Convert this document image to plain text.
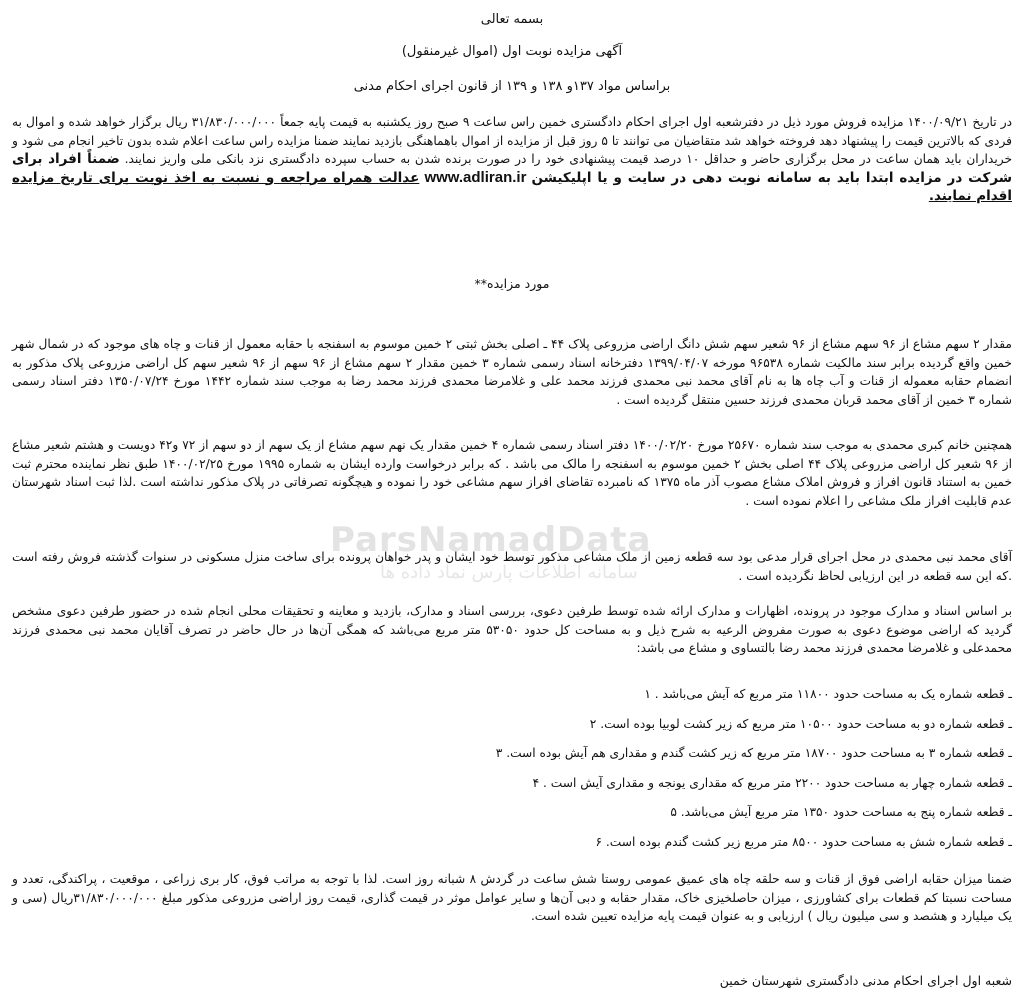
ParsNamadData
سامانه اطلاعات پارس نماد داده ها
بسمه تعالی
آگهی مزایده نوبت اول (اموال غیرمنقول)
براساس مواد ۱۳۷و ۱۳۸ و ۱۳۹ از قانون اجرای احکام مدنی
در تاریخ ۱۴۰۰/۰۹/۲۱ مزایده فروش مورد ذیل در دفترشعبه اول اجرای احکام دادگستری خمین راس ساعت ۹ صبح روز یکشنبه به قیمت پایه جمعاً ۳۱/۸۳۰/۰۰۰/۰۰۰ ریال برگزار خواهد شده و اموال به فردی که بالاترین قیمت را پیشنهاد دهد فروخته خواهد شد متقاضیان می توانند تا ۵ روز قبل از مزایده از اموال باهماهنگی بازدید نمایند ضمنا مزایده راس ساعت اعلام شده بدون تاخیر انجام می شود و خریداران باید همان ساعت در محل برگزاری حاضر و حداقل ۱۰ درصد قیمت پیشنهادی خود را در صورت برنده شدن به حساب سپرده دادگستری نزد بانکی ملی واریز نمایند. ضمناً افراد برای شرکت در مزایده ابتدا باید به سامانه نوبت دهی در سایت و یا اپلیکیشن www.adliran.ir عدالت همراه مراجعه و نسبت به اخذ نوبت برای تاریخ مزایده اقدام نمایند.
مورد مزایده**
مقدار ۲ سهم مشاع از ۹۶ سهم مشاع از ۹۶ شعیر سهم شش دانگ اراضی مزروعی پلاک ۴۴ ـ اصلی بخش ثبتی ۲ خمین موسوم به اسفنجه با حقابه معمول از قنات و چاه های موجود که در شمال شهر خمین واقع گردیده برابر سند مالکیت شماره ۹۶۵۳۸ مورخه ۱۳۹۹/۰۴/۰۷ دفترخانه اسناد رسمی شماره ۳ خمین مقدار ۲ سهم مشاع از ۹۶ سهم از ۹۶ شعیر سهم کل اراضی مزروعی پلاک مذکور به انضمام حقابه معموله از قنات و آب چاه ها به نام آقای محمد نبی محمدی فرزند محمد علی و غلامرضا محمدی فرزند محمد رضا به موجب سند شماره ۱۴۴۲ مورخ ۱۳۵۰/۰۷/۲۴ دفتر اسناد رسمی شماره ۳ خمین از آقای محمد قربان محمدی فرزند حسین منتقل گردیده است .
همچنین خانم کبری محمدی به موجب سند شماره ۲۵۶۷۰ مورخ ۱۴۰۰/۰۲/۲۰ دفتر اسناد رسمی شماره ۴ خمین مقدار یک نهم سهم مشاع از یک سهم از دو سهم از ۷۲ و۴۲ دویست و هشتم شعیر مشاع از ۹۶ شعیر کل اراضی مزروعی پلاک ۴۴ اصلی بخش ۲ خمین موسوم به اسفنجه را مالک می باشد . که برابر درخواست وارده ایشان به شماره ۱۹۹۵ مورخ ۱۴۰۰/۰۲/۲۵ طبق نظر نماینده محترم ثبت خمین به استناد قانون افراز و فروش املاک مشاع مصوب آذر ماه ۱۳۷۵ که نامبرده تقاضای افراز سهم مشاعی خود را نموده و هیچگونه تصرفاتی در پلاک مذکور نداشته است .لذا ثبت اسناد شهرستان عدم قابلیت افراز ملک مشاعی را اعلام نموده است .
آقای محمد نبی محمدی در محل اجرای قرار مدعی بود سه قطعه زمین از ملک مشاعی مذکور توسط خود ایشان و پدر خواهان پرونده برای ساخت منزل مسکونی در سنوات گذشته فروش رفته است .که این سه قطعه در این ارزیابی لحاظ نگردیده است .
بر اساس اسناد و مدارک موجود در پرونده، اظهارات و مدارک ارائه شده توسط طرفین دعوی، بررسی اسناد و مدارک، بازدید و معاینه و تحقیقات محلی انجام شده در حضور طرفین دعوی مشخص گردید که اراضی موضوع دعوی به صورت مفروض الرعیه به شرح ذیل و به مساحت کل حدود ۵۳۰۵۰ متر مربع می‌باشد که همگی آن‌ها در حال حاضر در تصرف آقایان محمد نبی محمدی فرزند محمدعلی و غلامرضا محمدی فرزند محمد رضا بالتساوی و مشاع می باشد:
ـ قطعه شماره یک به مساحت حدود ۱۱۸۰۰ متر مربع که آیش می‌باشد . ۱
ـ قطعه شماره دو به مساحت حدود ۱۰۵۰۰ متر مربع که زیر کشت لوبیا بوده است. ۲
ـ قطعه شماره ۳ به مساحت حدود ۱۸۷۰۰ متر مربع که زیر کشت گندم و مقداری هم آیش بوده است. ۳
ـ قطعه شماره چهار به مساحت حدود ۲۲۰۰ متر مربع که مقداری یونجه و مقداری آیش است . ۴
ـ قطعه شماره پنج به مساحت حدود ۱۳۵۰ متر مربع آیش می‌باشد. ۵
ـ قطعه شماره شش به مساحت حدود ۸۵۰۰ متر مربع زیر کشت گندم بوده است. ۶
ضمنا میزان حقابه اراضی فوق از قنات و سه حلقه چاه های عمیق عمومی روستا شش ساعت در گردش ۸ شبانه روز است. لذا با توجه به مراتب فوق، کار بری زراعی ، موقعیت ، پراکندگی، تعدد و مساحت نسبتا کم قطعات برای کشاورزی ، میزان حاصلخیزی خاک، مقدار حقابه و دبی آن‌ها و سایر عوامل موثر در قیمت گذاری، قیمت روز اراضی مزروعی مذکور مبلغ ۳۱/۸۳۰/۰۰۰/۰۰۰ریال (سی و یک میلیارد و هشصد و سی میلیون ریال ) ارزیابی و به عنوان قیمت پایه مزایده تعیین شده است.
شعبه اول اجرای احکام مدنی دادگستری شهرستان خمین
